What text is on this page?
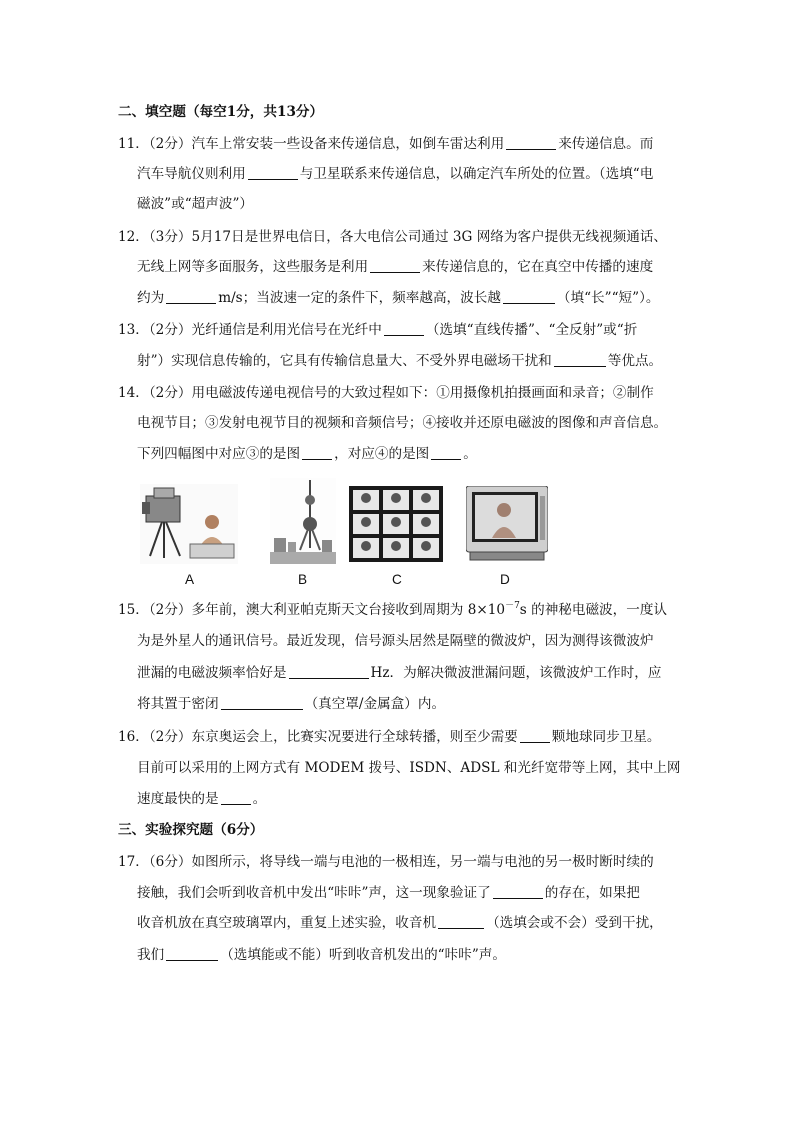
二、填空题（每空1分，共13分）
11．（2分）汽车上常安装一些设备来传递信息，如倒车雷达利用	来传递信息。而
汽车导航仪则利用	与卫星联系来传递信息，以确定汽车所处的位置。（选填“电
磁波”或“超声波”）
12．（3分）5月17日是世界电信日，各大电信公司通过 3G 网络为客户提供无线视频通话、
无线上网等多面服务，这些服务是利用	来传递信息的，它在真空中传播的速度
约为	m/s；当波速一定的条件下，频率越高，波长越	（填“长”“短”）。
13．（2分）光纤通信是利用光信号在光纤中	（选填“直线传播”、“全反射”或“折
射”）实现信息传输的，它具有传输信息量大、不受外界电磁场干扰和	等优点。
14．（2分）用电磁波传递电视信号的大致过程如下：①用摄像机拍摄画面和录音；②制作
电视节目；③发射电视节目的视频和音频信号；④接收并还原电磁波的图像和声音信息。
下列四幅图中对应③的是图	，对应④的是图	。
A	B	C	D
15．（2分）多年前，澳大利亚帕克斯天文台接收到周期为 $8\times 10^{-7}s$ 的神秘电磁波，一度认
为是外星人的通讯信号。最近发现，信号源头居然是隔壁的微波炉，因为测得该微波炉
泄漏的电磁波频率恰好是	Hz．为解决微波泄漏问题，该微波炉工作时，应
将其置于密闭	（真空罩/金属盒）内。
16．（2分）东京奥运会上，比赛实况要进行全球转播，则至少需要	颗地球同步卫星。
目前可以采用的上网方式有 MODEM 拨号、ISDN、ADSL 和光纤宽带等上网，其中上网
速度最快的是	。
三、实验探究题（6分）
17．（6分）如图所示，将导线一端与电池的一极相连，另一端与电池的另一极时断时续的
接触，我们会听到收音机中发出“咔咔”声，这一现象验证了	的存在，如果把
收音机放在真空玻璃罩内，重复上述实验，收音机	（选填会或不会）受到干扰，
我们	（选填能或不能）听到收音机发出的“咔咔”声。
